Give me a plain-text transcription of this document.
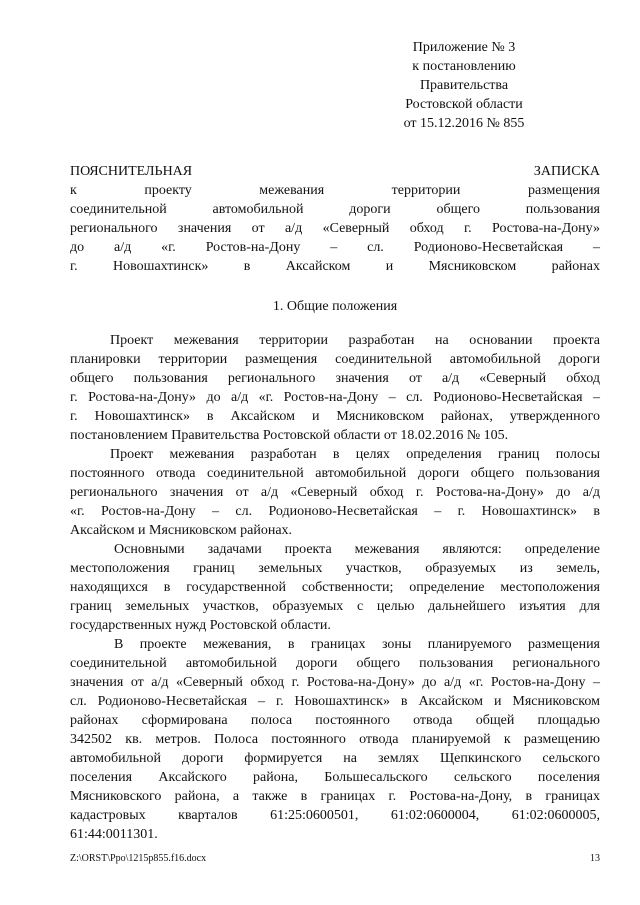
Приложение № 3
к постановлению
Правительства
Ростовской области
от 15.12.2016 № 855
ПОЯСНИТЕЛЬНАЯ ЗАПИСКА
к проекту межевания территории размещения
соединительной автомобильной дороги общего пользования
регионального значения от а/д «Северный обход г. Ростова-на-Дону»
до а/д «г. Ростов-на-Дону – сл. Родионово-Несветайская –
г. Новошахтинск» в Аксайском и Мясниковском районах
1. Общие положения
Проект межевания территории разработан на основании проекта
планировки территории размещения соединительной автомобильной дороги
общего пользования регионального значения от а/д «Северный обход
г. Ростова-на-Дону» до а/д «г. Ростов-на-Дону – сл. Родионово-Несветайская –
г. Новошахтинск» в Аксайском и Мясниковском районах, утвержденного
постановлением Правительства Ростовской области от 18.02.2016 № 105.
Проект межевания разработан в целях определения границ полосы
постоянного отвода соединительной автомобильной дороги общего пользования
регионального значения от а/д «Северный обход г. Ростова-на-Дону» до а/д
«г. Ростов-на-Дону – сл. Родионово-Несветайская – г. Новошахтинск» в
Аксайском и Мясниковском районах.
Основными задачами проекта межевания являются: определение
местоположения границ земельных участков, образуемых из земель,
находящихся в государственной собственности; определение местоположения
границ земельных участков, образуемых с целью дальнейшего изъятия для
государственных нужд Ростовской области.
В проекте межевания, в границах зоны планируемого размещения
соединительной автомобильной дороги общего пользования регионального
значения от а/д «Северный обход г. Ростова-на-Дону» до а/д «г. Ростов-на-Дону –
сл. Родионово-Несветайская – г. Новошахтинск» в Аксайском и Мясниковском
районах сформирована полоса постоянного отвода общей площадью
342502 кв. метров. Полоса постоянного отвода планируемой к размещению
автомобильной дороги формируется на землях Щепкинского сельского
поселения Аксайского района, Большесальского сельского поселения
Мясниковского района, а также в границах г. Ростова-на-Дону, в границах
кадастровых кварталов 61:25:0600501, 61:02:0600004, 61:02:0600005,
61:44:0011301.
Z:\ORST\Ppo\1215p855.f16.docx	13
